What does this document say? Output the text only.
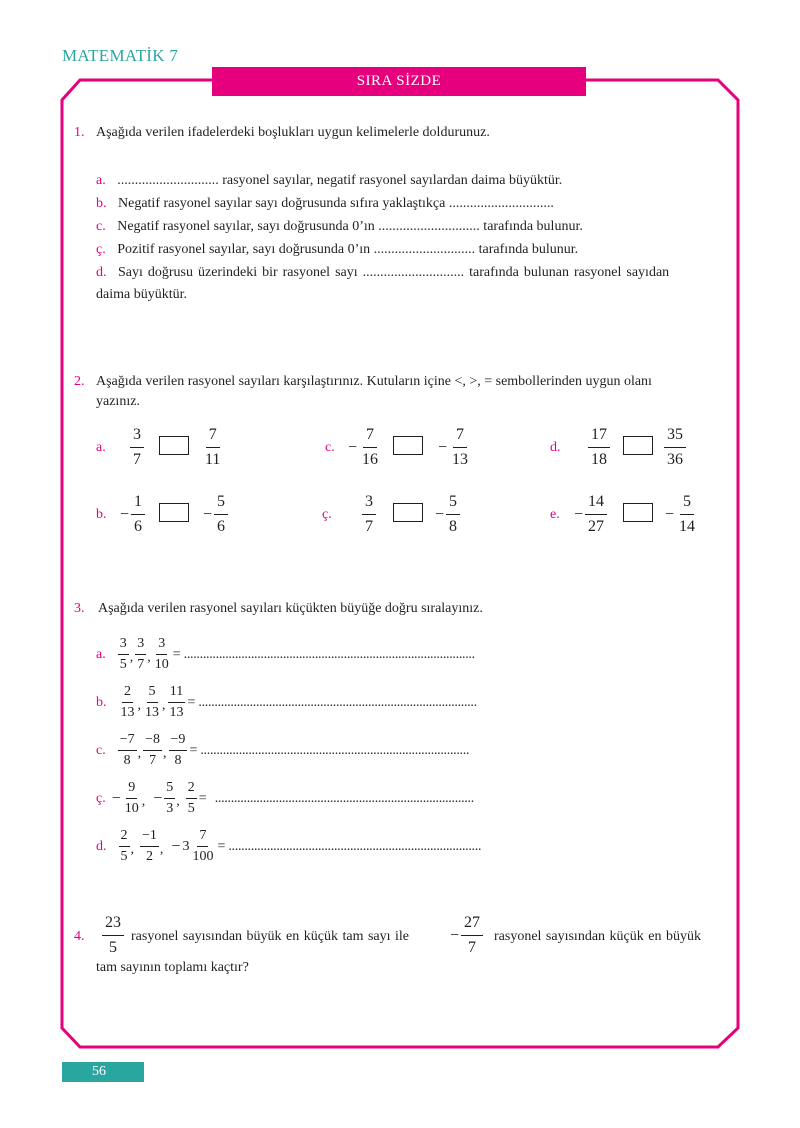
MATEMATİK 7
SIRA SİZDE
1. Aşağıda verilen ifadelerdeki boşlukları uygun kelimelerle doldurunuz.
a. ............................. rasyonel sayılar, negatif rasyonel sayılardan daima büyüktür.
b. Negatif rasyonel sayılar sayı doğrusunda sıfıra yaklaştıkça ..............................
c. Negatif rasyonel sayılar, sayı doğrusunda 0’ın ............................. tarafında bulunur.
ç. Pozitif rasyonel sayılar, sayı doğrusunda 0’ın ............................. tarafında bulunur.
d. Sayı doğrusu üzerindeki bir rasyonel sayı ............................. tarafında bulunan rasyonel sayıdan
daima büyüktür.
2. Aşağıda verilen rasyonel sayıları karşılaştırınız. Kutuların içine <, >, = sembollerinden uygun olanı
yazınız.
a. $\frac{3}{7}$	$\frac{7}{11}$	c. − $\frac{7}{16}$	− $\frac{7}{13}$	d. $\frac{17}{18}$	$\frac{35}{36}$
b. − $\frac{1}{6}$	− $\frac{5}{6}$	ç. $\frac{3}{7}$	− $\frac{5}{8}$	e. − $\frac{14}{27}$	− $\frac{5}{14}$
3. Aşağıda verilen rasyonel sayıları küçükten büyüğe doğru sıralayınız.
a. $\frac{3}{5}$ , $\frac{3}{7}$ , $\frac{3}{10}$ = ...........................................................................................
b. $\frac{2}{13}$ , $\frac{5}{13}$ , $\frac{11}{13}$ = .......................................................................................
c. $\frac{-7}{8}$ , $\frac{-8}{7}$ , $\frac{-9}{8}$ = ....................................................................................
ç. − $\frac{9}{10}$ , − $\frac{5}{3}$ , $\frac{2}{5}$ = .................................................................................
d. $\frac{2}{5}$ , $\frac{-1}{2}$ , − $3 \frac{7}{100}$ = ...............................................................................
4. $\frac{23}{5}$ rasyonel sayısından büyük en küçük tam sayı ile	− $\frac{27}{7}$ rasyonel sayısından küçük en büyük
tam sayının toplamı kaçtır?
56
